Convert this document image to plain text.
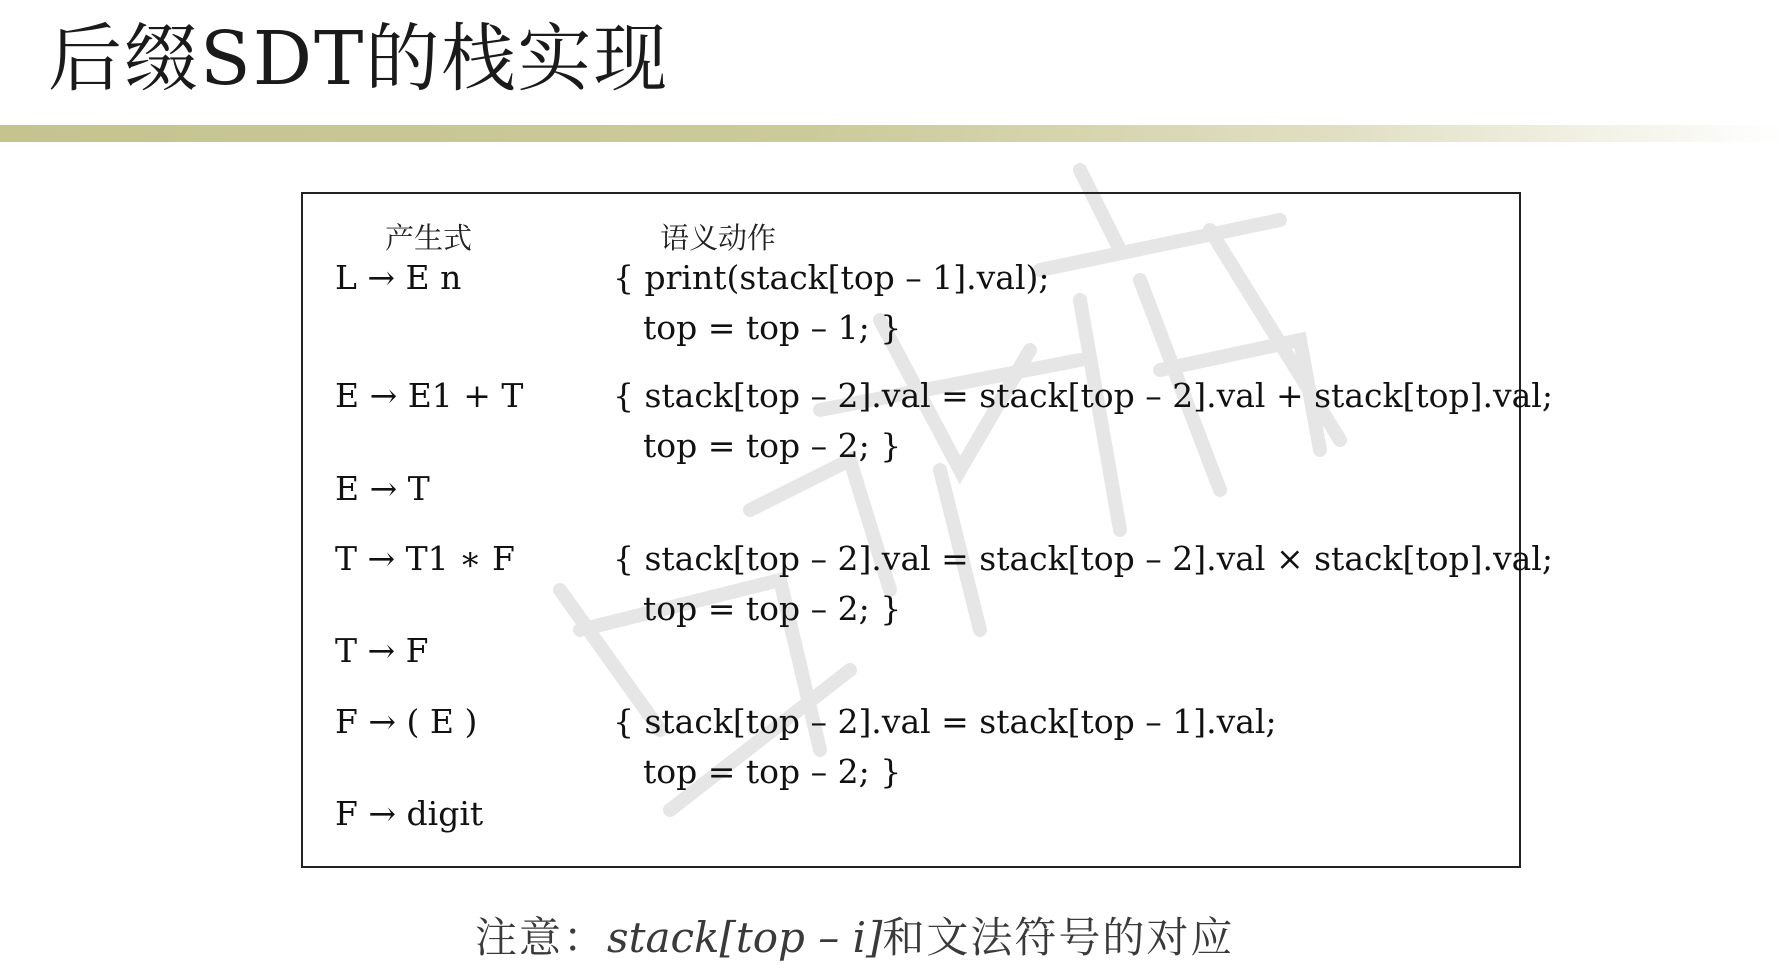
后缀SDT的栈实现
产生式	语义动作
L → E n	{ print(stack[top – 1].val);
top = top – 1; }
E → E1 + T	{ stack[top – 2].val = stack[top – 2].val + stack[top].val;
top = top – 2; }
E → T
T → T1 ∗ F	{ stack[top – 2].val = stack[top – 2].val × stack[top].val;
top = top – 2; }
T → F
F → ( E )	{ stack[top – 2].val = stack[top – 1].val;
top = top – 2; }
F → digit
注意：stack[top – i]和文法符号的对应
